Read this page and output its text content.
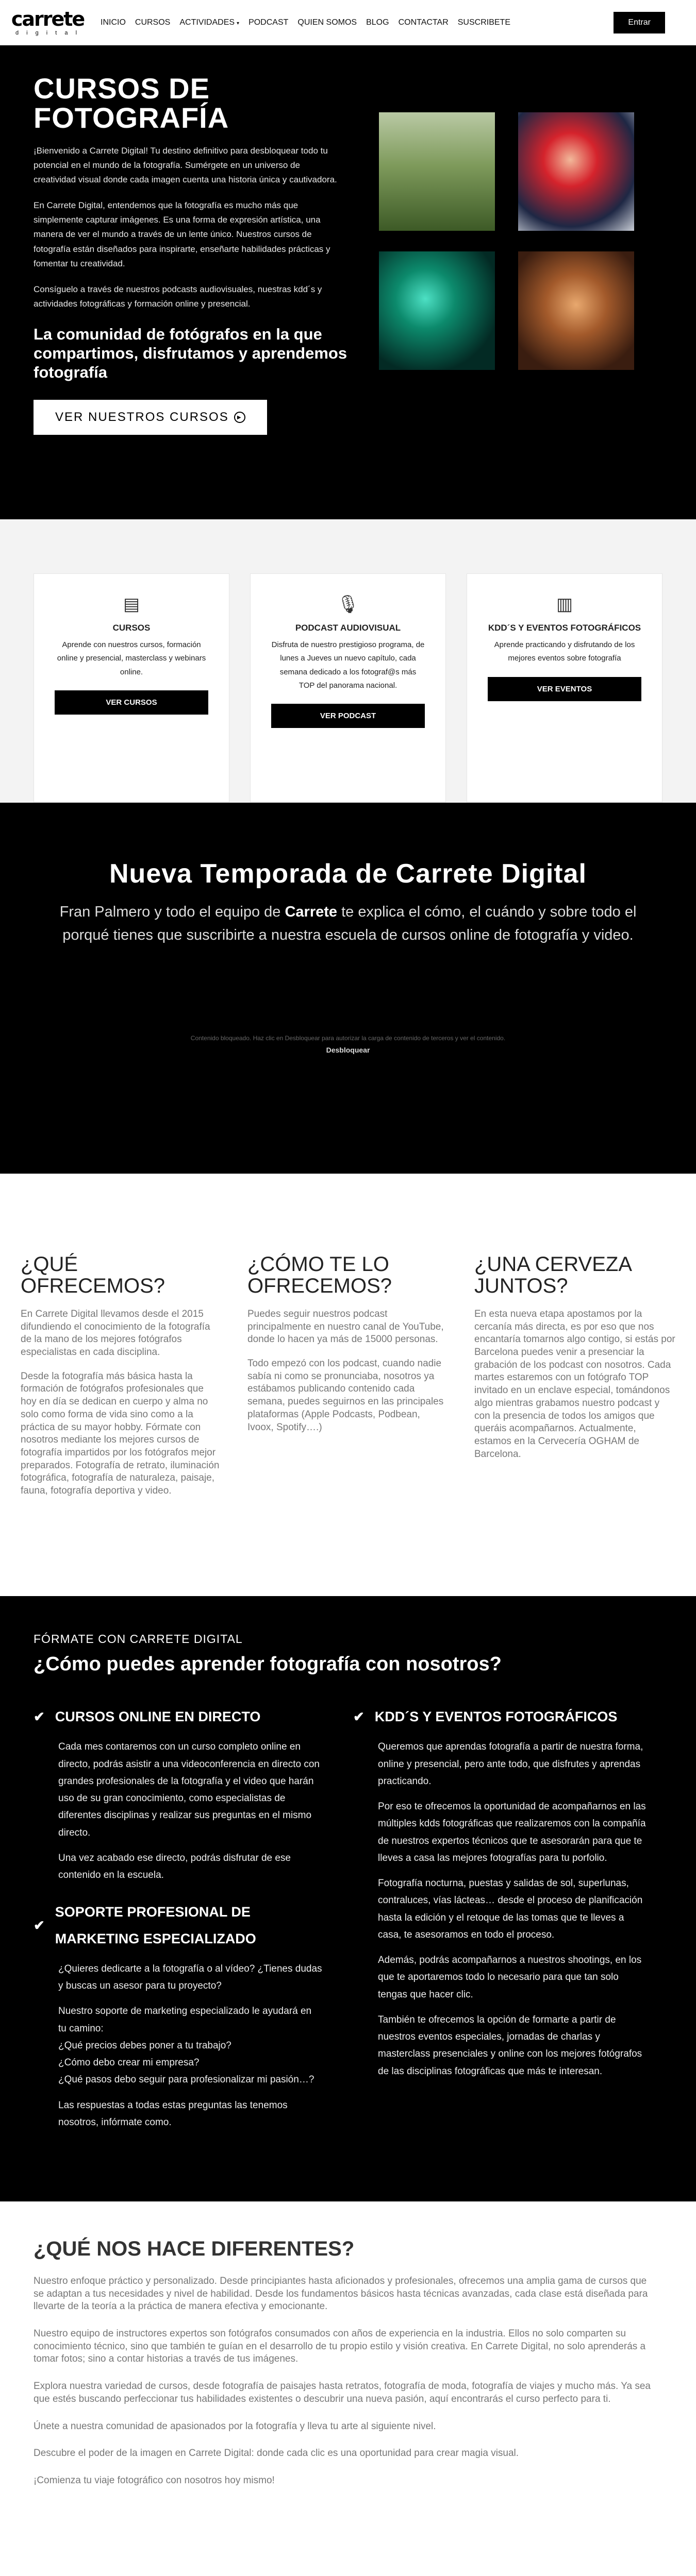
carrete
d i g i t a l
INICIO CURSOS ACTIVIDADES ▾ PODCAST QUIEN SOMOS BLOG CONTACTAR SUSCRIBETE	Entrar
CURSOS DE FOTOGRAFÍA

¡Bienvenido a Carrete Digital! Tu destino definitivo para desbloquear todo tu potencial en el mundo de la fotografía. Sumérgete en un universo de creatividad visual donde cada imagen cuenta una historia única y cautivadora.

En Carrete Digital, entendemos que la fotografía es mucho más que simplemente capturar imágenes. Es una forma de expresión artística, una manera de ver el mundo a través de un lente único. Nuestros cursos de fotografía están diseñados para inspirarte, enseñarte habilidades prácticas y fomentar tu creatividad.

Consíguelo a través de nuestros podcasts audiovisuales, nuestras kdd´s y actividades fotográficas y formación online y presencial.

La comunidad de fotógrafos en la que compartimos, disfrutamos y aprendemos fotografía
VER NUESTROS CURSOS	▶
▤
CURSOS

Aprende con nuestros cursos, formación online y presencial, masterclass y webinars online.

VER CURSOS
🎙
PODCAST AUDIOVISUAL

Disfruta de nuestro prestigioso programa, de lunes a Jueves un nuevo capítulo, cada semana dedicado a los fotograf@s más TOP del panorama nacional.

VER PODCAST
▥
KDD´S Y EVENTOS FOTOGRÁFICOS

Aprende practicando y disfrutando de los mejores eventos sobre fotografía

VER EVENTOS
Nueva Temporada de Carrete Digital

Fran Palmero y todo el equipo de Carrete te explica el cómo, el cuándo y sobre todo el porqué tienes que suscribirte a nuestra escuela de cursos online de fotografía y video.

Contenido bloqueado. Haz clic en Desbloquear para autorizar la carga de contenido de terceros y ver el contenido.
Desbloquear
¿QUÉ OFRECEMOS?

En Carrete Digital llevamos desde el 2015 difundiendo el conocimiento de la fotografía de la mano de los mejores fotógrafos especialistas en cada disciplina.

Desde la fotografía más básica hasta la formación de fotógrafos profesionales que hoy en día se dedican en cuerpo y alma no solo como forma de vida sino como a la práctica de su mayor hobby. Fórmate con nosotros mediante los mejores cursos de fotografía impartidos por los fotógrafos mejor preparados. Fotografía de retrato, iluminación fotográfica, fotografía de naturaleza, paisaje, fauna, fotografía deportiva y video.

¿CÓMO TE LO OFRECEMOS?

Puedes seguir nuestros podcast principalmente en nuestro canal de YouTube, donde lo hacen ya más de 15000 personas.

Todo empezó con los podcast, cuando nadie sabía ni como se pronunciaba, nosotros ya estábamos publicando contenido cada semana, puedes seguirnos en las principales plataformas (Apple Podcasts, Podbean, Ivoox, Spotify….)

¿UNA CERVEZA JUNTOS?

En esta nueva etapa apostamos por la cercanía más directa, es por eso que nos encantaría tomarnos algo contigo, si estás por Barcelona puedes venir a presenciar la grabación de los podcast con nosotros. Cada martes estaremos con un fotógrafo TOP invitado en un enclave especial, tomándonos algo mientras grabamos nuestro podcast y con la presencia de todos los amigos que queráis acompañarnos. Actualmente, estamos en la Cervecería OGHAM de Barcelona.

FÓRMATE CON CARRETE DIGITAL
¿Cómo puedes aprender fotografía con nosotros?
✔ CURSOS ONLINE EN DIRECTO

Cada mes contaremos con un curso completo online en directo, podrás asistir a una videoconferencia en directo con grandes profesionales de la fotografía y el video que harán uso de su gran conocimiento, como especialistas de diferentes disciplinas y realizar sus preguntas en el mismo directo.

Una vez acabado ese directo, podrás disfrutar de ese contenido en la escuela.

✔
SOPORTE PROFESIONAL DE MARKETING ESPECIALIZADO

¿Quieres dedicarte a la fotografía o al vídeo? ¿Tienes dudas y buscas un asesor para tu proyecto?

Nuestro soporte de marketing especializado le ayudará en tu camino:
¿Qué precios debes poner a tu trabajo?
¿Cómo debo crear mi empresa?
¿Qué pasos debo seguir para profesionalizar mi pasión…?

Las respuestas a todas estas preguntas las tenemos nosotros, infórmate como.

✔ KDD´S Y EVENTOS FOTOGRÁFICOS

Queremos que aprendas fotografía a partir de nuestra forma, online y presencial, pero ante todo, que disfrutes y aprendas practicando.

Por eso te ofrecemos la oportunidad de acompañarnos en las múltiples kdds fotográficas que realizaremos con la compañía de nuestros expertos técnicos que te asesorarán para que te lleves a casa las mejores fotografías para tu porfolio.

Fotografía nocturna, puestas y salidas de sol, superlunas, contraluces, vías lácteas… desde el proceso de planificación hasta la edición y el retoque de las tomas que te lleves a casa, te asesoramos en todo el proceso.

Además, podrás acompañarnos a nuestros shootings, en los que te aportaremos todo lo necesario para que tan solo tengas que hacer clic.

También te ofrecemos la opción de formarte a partir de nuestros eventos especiales, jornadas de charlas y masterclass presenciales y online con los mejores fotógrafos de las disciplinas fotográficas que más te interesan.

¿QUÉ NOS HACE DIFERENTES?

Nuestro enfoque práctico y personalizado. Desde principiantes hasta aficionados y profesionales, ofrecemos una amplia gama de cursos que se adaptan a tus necesidades y nivel de habilidad. Desde los fundamentos básicos hasta técnicas avanzadas, cada clase está diseñada para llevarte de la teoría a la práctica de manera efectiva y emocionante.

Nuestro equipo de instructores expertos son fotógrafos consumados con años de experiencia en la industria. Ellos no solo comparten su conocimiento técnico, sino que también te guían en el desarrollo de tu propio estilo y visión creativa. En Carrete Digital, no solo aprenderás a tomar fotos; sino a contar historias a través de tus imágenes.

Explora nuestra variedad de cursos, desde fotografía de paisajes hasta retratos, fotografía de moda, fotografía de viajes y mucho más. Ya sea que estés buscando perfeccionar tus habilidades existentes o descubrir una nueva pasión, aquí encontrarás el curso perfecto para ti.

Únete a nuestra comunidad de apasionados por la fotografía y lleva tu arte al siguiente nivel.

Descubre el poder de la imagen en Carrete Digital: donde cada clic es una oportunidad para crear magia visual.

¡Comienza tu viaje fotográfico con nosotros hoy mismo!
